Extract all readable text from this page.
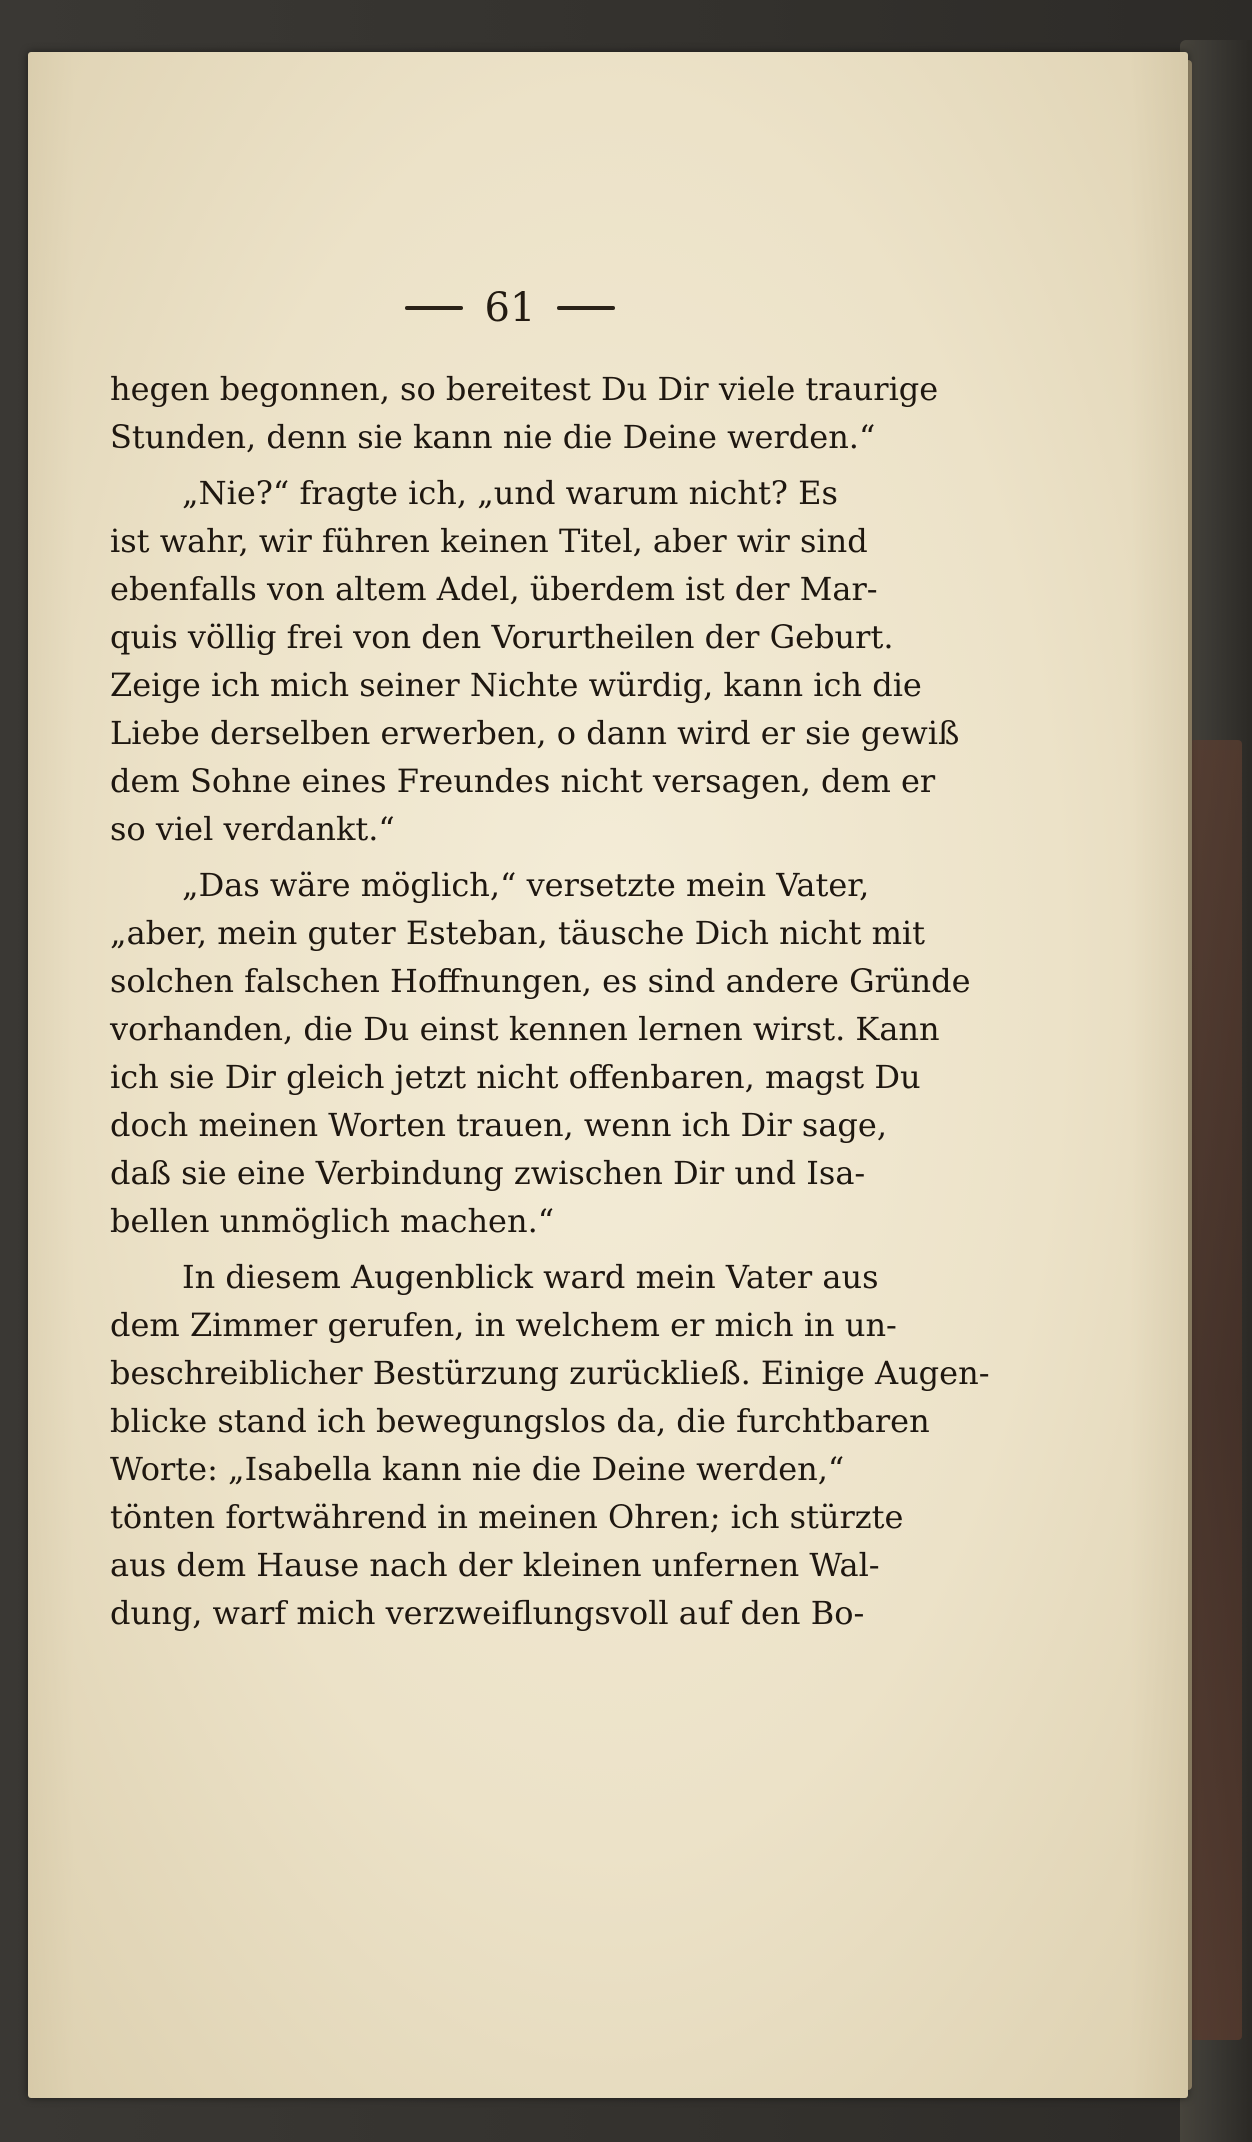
61
hegen begonnen, so bereitest Du Dir viele traurige
Stunden, denn sie kann nie die Deine werden.“
„Nie?“ fragte ich, „und warum nicht? Es
ist wahr, wir führen keinen Titel, aber wir sind
ebenfalls von altem Adel, überdem ist der Mar-
quis völlig frei von den Vorurtheilen der Geburt.
Zeige ich mich seiner Nichte würdig, kann ich die
Liebe derselben erwerben, o dann wird er sie gewiß
dem Sohne eines Freundes nicht versagen, dem er
so viel verdankt.“
„Das wäre möglich,“ versetzte mein Vater,
„aber, mein guter Esteban, täusche Dich nicht mit
solchen falschen Hoffnungen, es sind andere Gründe
vorhanden, die Du einst kennen lernen wirst. Kann
ich sie Dir gleich jetzt nicht offenbaren, magst Du
doch meinen Worten trauen, wenn ich Dir sage,
daß sie eine Verbindung zwischen Dir und Isa-
bellen unmöglich machen.“
In diesem Augenblick ward mein Vater aus
dem Zimmer gerufen, in welchem er mich in un-
beschreiblicher Bestürzung zurückließ. Einige Augen-
blicke stand ich bewegungslos da, die furchtbaren
Worte: „Isabella kann nie die Deine werden,“
tönten fortwährend in meinen Ohren; ich stürzte
aus dem Hause nach der kleinen unfernen Wal-
dung, warf mich verzweiflungsvoll auf den Bo-
